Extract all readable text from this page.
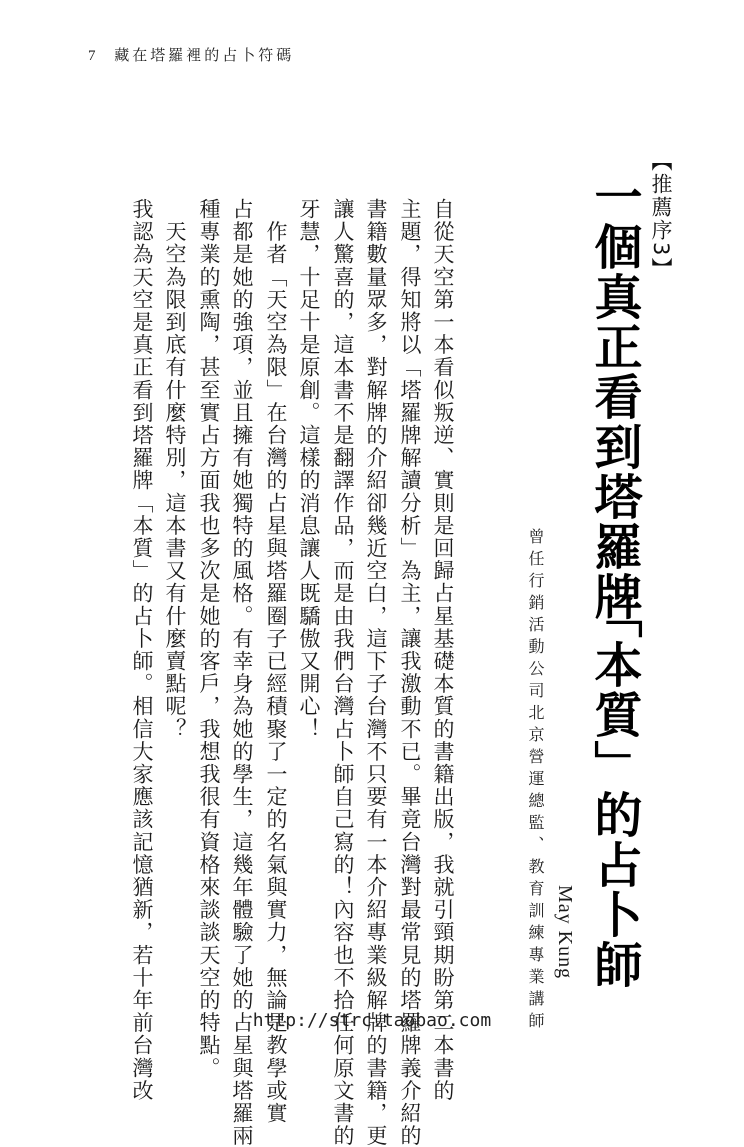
7 藏在塔羅裡的占卜符碼
【推薦序3】
一個真正看到塔羅牌
「本質」的占卜師
May Kung
曾任行銷活動公司北京營運總監、教育訓練專業講師
自從天空第一本看似叛逆、實則是回歸占星基礎本質的書籍出版，我就引頸期盼第二本書的
主題，得知將以「塔羅牌解讀分析」為主，讓我激動不已。畢竟台灣對最常見的塔羅牌義介紹的
書籍數量眾多，對解牌的介紹卻幾近空白，這下子台灣不只要有一本介紹專業級解牌的書籍，更
讓人驚喜的，這本書不是翻譯作品，而是由我們台灣占卜師自己寫的！內容也不拾任何原文書的
牙慧，十足十是原創。這樣的消息讓人既驕傲又開心！
　作者「天空為限」在台灣的占星與塔羅圈子已經積聚了一定的名氣與實力，無論是教學或實
占都是她的強項，並且擁有她獨特的風格。有幸身為她的學生，這幾年體驗了她的占星與塔羅兩
種專業的熏陶，甚至實占方面我也多次是她的客戶，我想我很有資格來談談天空的特點。
　天空為限到底有什麼特別，這本書又有什麼賣點呢？
我認為天空是真正看到塔羅牌「本質」的占卜師。相信大家應該記憶猶新，若十年前台灣改	http://strc.taobao.com
